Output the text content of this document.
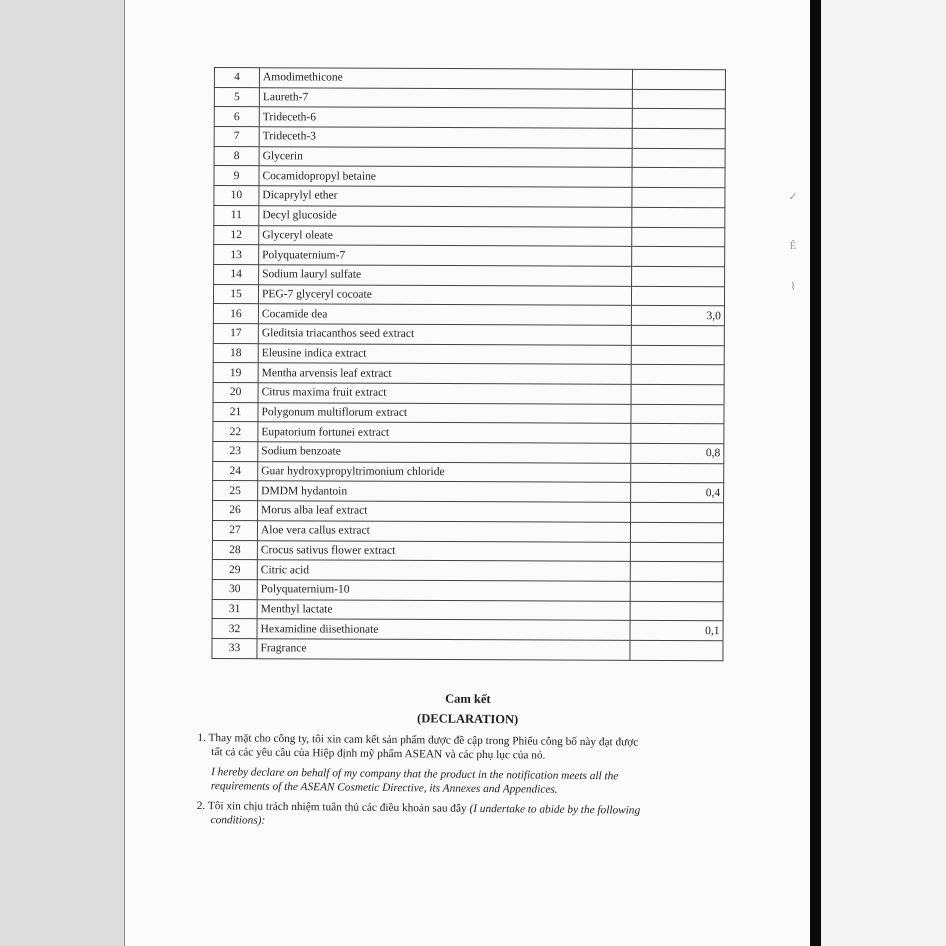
4	Amodimethicone	
5	Laureth-7	
6	Trideceth-6	
7	Trideceth-3	
8	Glycerin	
9	Cocamidopropyl betaine	
10	Dicaprylyl ether	
11	Decyl glucoside	
12	Glyceryl oleate	
13	Polyquaternium-7	
14	Sodium lauryl sulfate	
15	PEG-7 glyceryl cocoate	
16	Cocamide dea	3,0
17	Gleditsia triacanthos seed extract	
18	Eleusine indica extract	
19	Mentha arvensis leaf extract	
20	Citrus maxima fruit extract	
21	Polygonum multiflorum extract	
22	Eupatorium fortunei extract	
23	Sodium benzoate	0,8
24	Guar hydroxypropyltrimonium chloride	
25	DMDM hydantoin	0,4
26	Morus alba leaf extract	
27	Aloe vera callus extract	
28	Crocus sativus flower extract	
29	Citric acid	
30	Polyquaternium-10	
31	Menthyl lactate	
32	Hexamidine diisethionate	0,1
33	Fragrance	
✓
Ê
⌇

Cam kết

(DECLARATION)

1. Thay mặt cho công ty, tôi xin cam kết sản phẩm được đề cập trong Phiếu công bố này đạt được

tất cả các yêu cầu của Hiệp định mỹ phẩm ASEAN và các phụ lục của nó.

I hereby declare on behalf of my company that the product in the notification meets all the

requirements of the ASEAN Cosmetic Directive, its Annexes and Appendices.

2. Tôi xin chịu trách nhiệm tuân thủ các điều khoản sau đây (I undertake to abide by the following

conditions):
